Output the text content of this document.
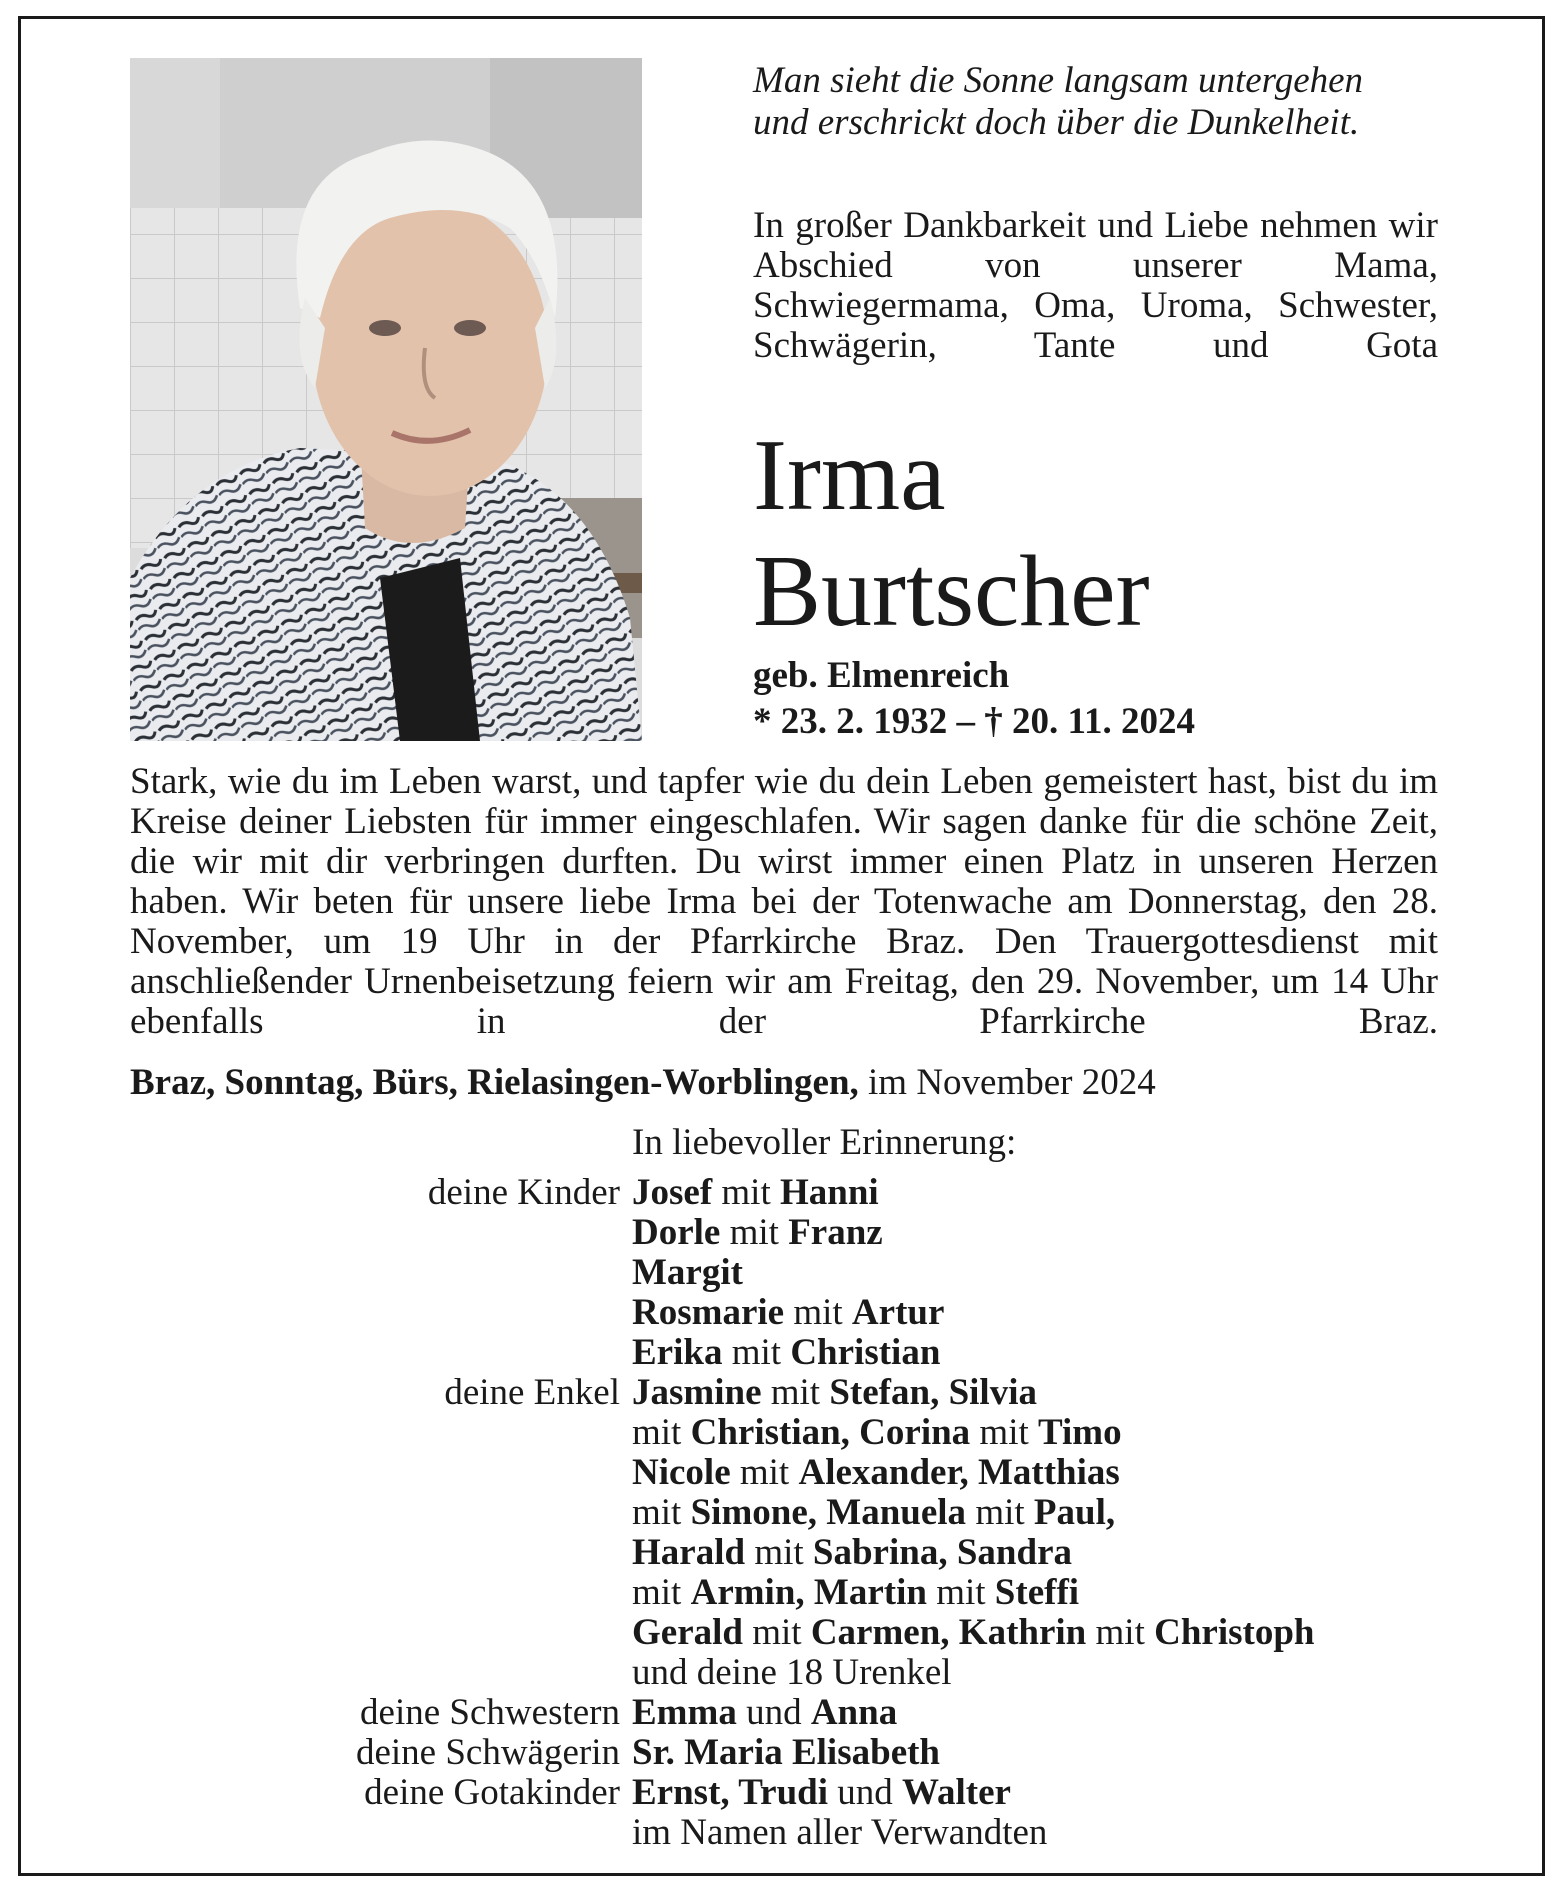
Man sieht die Sonne langsam untergehen
und erschrickt doch über die Dunkelheit.

In großer Dankbarkeit und Liebe nehmen wir Abschied von unserer Mama, Schwiegermama, Oma, Uroma, Schwester, Schwägerin, Tante und Gota

Irma
Burtscher

geb. Elmenreich

* 23. 2. 1932 – † 20. 11. 2024

Stark, wie du im Leben warst, und tapfer wie du dein Leben gemeistert hast, bist du im Kreise deiner Liebsten für immer eingeschlafen. Wir sagen danke für die schöne Zeit, die wir mit dir verbringen durften. Du wirst immer einen Platz in unseren Herzen haben. Wir beten für unsere liebe Irma bei der Totenwache am Donnerstag, den 28. November, um 19 Uhr in der Pfarrkirche Braz. Den Trauergottesdienst mit anschließender Urnenbeisetzung feiern wir am Freitag, den 29. November, um 14 Uhr ebenfalls in der Pfarrkirche Braz.

Braz, Sonntag, Bürs, Rielasingen-Worblingen, im November 2024

In liebevoller Erinnerung:

deine Kinder Josef mit Hanni
Dorle mit Franz
Margit
Rosmarie mit Artur
Erika mit Christian
deine Enkel Jasmine mit Stefan, Silvia
mit Christian, Corina mit Timo
Nicole mit Alexander, Matthias
mit Simone, Manuela mit Paul,
Harald mit Sabrina, Sandra
mit Armin, Martin mit Steffi
Gerald mit Carmen, Kathrin mit Christoph
und deine 18 Urenkel
deine Schwestern Emma und Anna
deine Schwägerin Sr. Maria Elisabeth
deine Gotakinder Ernst, Trudi und Walter
im Namen aller Verwandten
